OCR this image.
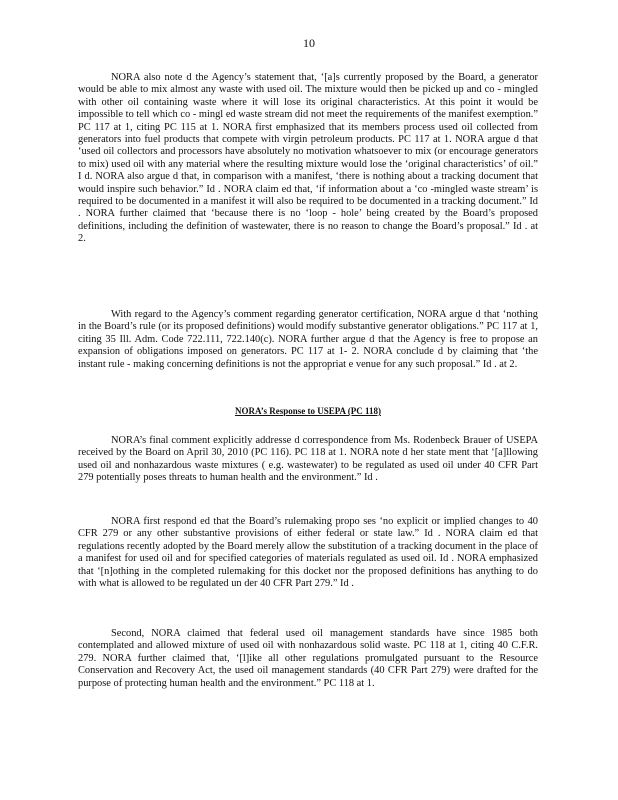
10

NORA also note d the Agency’s statement that, ‘[a]s currently proposed by the Board, a generator would be able to mix almost any waste with used oil. The mixture would then be picked up and co - mingled with other oil containing waste where it will lose its original characteristics. At this point it would be impossible to tell which co - mingl ed waste stream did not meet the requirements of the manifest exemption.” PC 117 at 1, citing PC 115 at 1. NORA first emphasized that its members process used oil collected from generators into fuel products that compete with virgin petroleum products. PC 117 at 1. NORA argue d that ‘used oil collectors and processors have absolutely no motivation whatsoever to mix (or encourage generators to mix) used oil with any material where the resulting mixture would lose the ‘original characteristics’ of oil.” I d. NORA also argue d that, in comparison with a manifest, ‘there is nothing about a tracking document that would inspire such behavior.” Id . NORA claim ed that, ‘if information about a ‘co -mingled waste stream’ is required to be documented in a manifest it will also be required to be documented in a tracking document.” Id . NORA further claimed that ‘because there is no ‘loop - hole’ being created by the Board’s proposed definitions, including the definition of wastewater, there is no reason to change the Board’s proposal.” Id . at 2.

With regard to the Agency’s comment regarding generator certification, NORA argue d that ‘nothing in the Board’s rule (or its proposed definitions) would modify substantive generator obligations.” PC 117 at 1, citing 35 Ill. Adm. Code 722.111, 722.140(c). NORA further argue d that the Agency is free to propose an expansion of obligations imposed on generators. PC 117 at 1- 2. NORA conclude d by claiming that ‘the instant rule - making concerning definitions is not the appropriat e venue for any such proposal.” Id . at 2.

NORA’s Response to USEPA (PC 118)

NORA’s final comment explicitly addresse d correspondence from Ms. Rodenbeck Brauer of USEPA received by the Board on April 30, 2010 (PC 116). PC 118 at 1. NORA note d her state ment that ‘[a]llowing used oil and nonhazardous waste mixtures ( e.g. wastewater) to be regulated as used oil under 40 CFR Part 279 potentially poses threats to human health and the environment.” Id .

NORA first respond ed that the Board’s rulemaking propo ses ‘no explicit or implied changes to 40 CFR 279 or any other substantive provisions of either federal or state law.” Id . NORA claim ed that regulations recently adopted by the Board merely allow the substitution of a tracking document in the place of a manifest for used oil and for specified categories of materials regulated as used oil. Id . NORA emphasized that ‘[n]othing in the completed rulemaking for this docket nor the proposed definitions has anything to do with what is allowed to be regulated un der 40 CFR Part 279.” Id .

Second, NORA claimed that federal used oil management standards have since 1985 both contemplated and allowed mixture of used oil with nonhazardous solid waste. PC 118 at 1, citing 40 C.F.R. 279. NORA further claimed that, ‘[l]ike all other regulations promulgated pursuant to the Resource Conservation and Recovery Act, the used oil management standards (40 CFR Part 279) were drafted for the purpose of protecting human health and the environment.” PC 118 at 1.
